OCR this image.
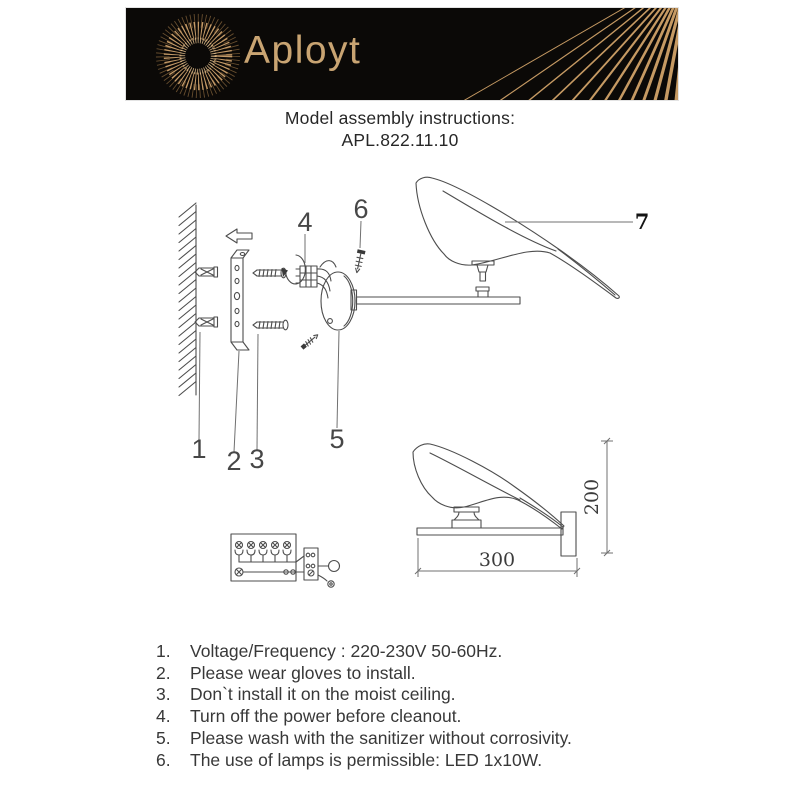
Aployt
Model assembly instructions:
APL.822.11.10
1 2 3
4
5
6	7
300
200
1.	Voltage/Frequency : 220-230V 50-60Hz.
2.	Please wear gloves to install.
3.	Don`t install it on the moist ceiling.
4.	Turn off the power before cleanout.
5.	Please wash with the sanitizer without corrosivity.
6.	The use of lamps is permissible: LED 1x10W.
